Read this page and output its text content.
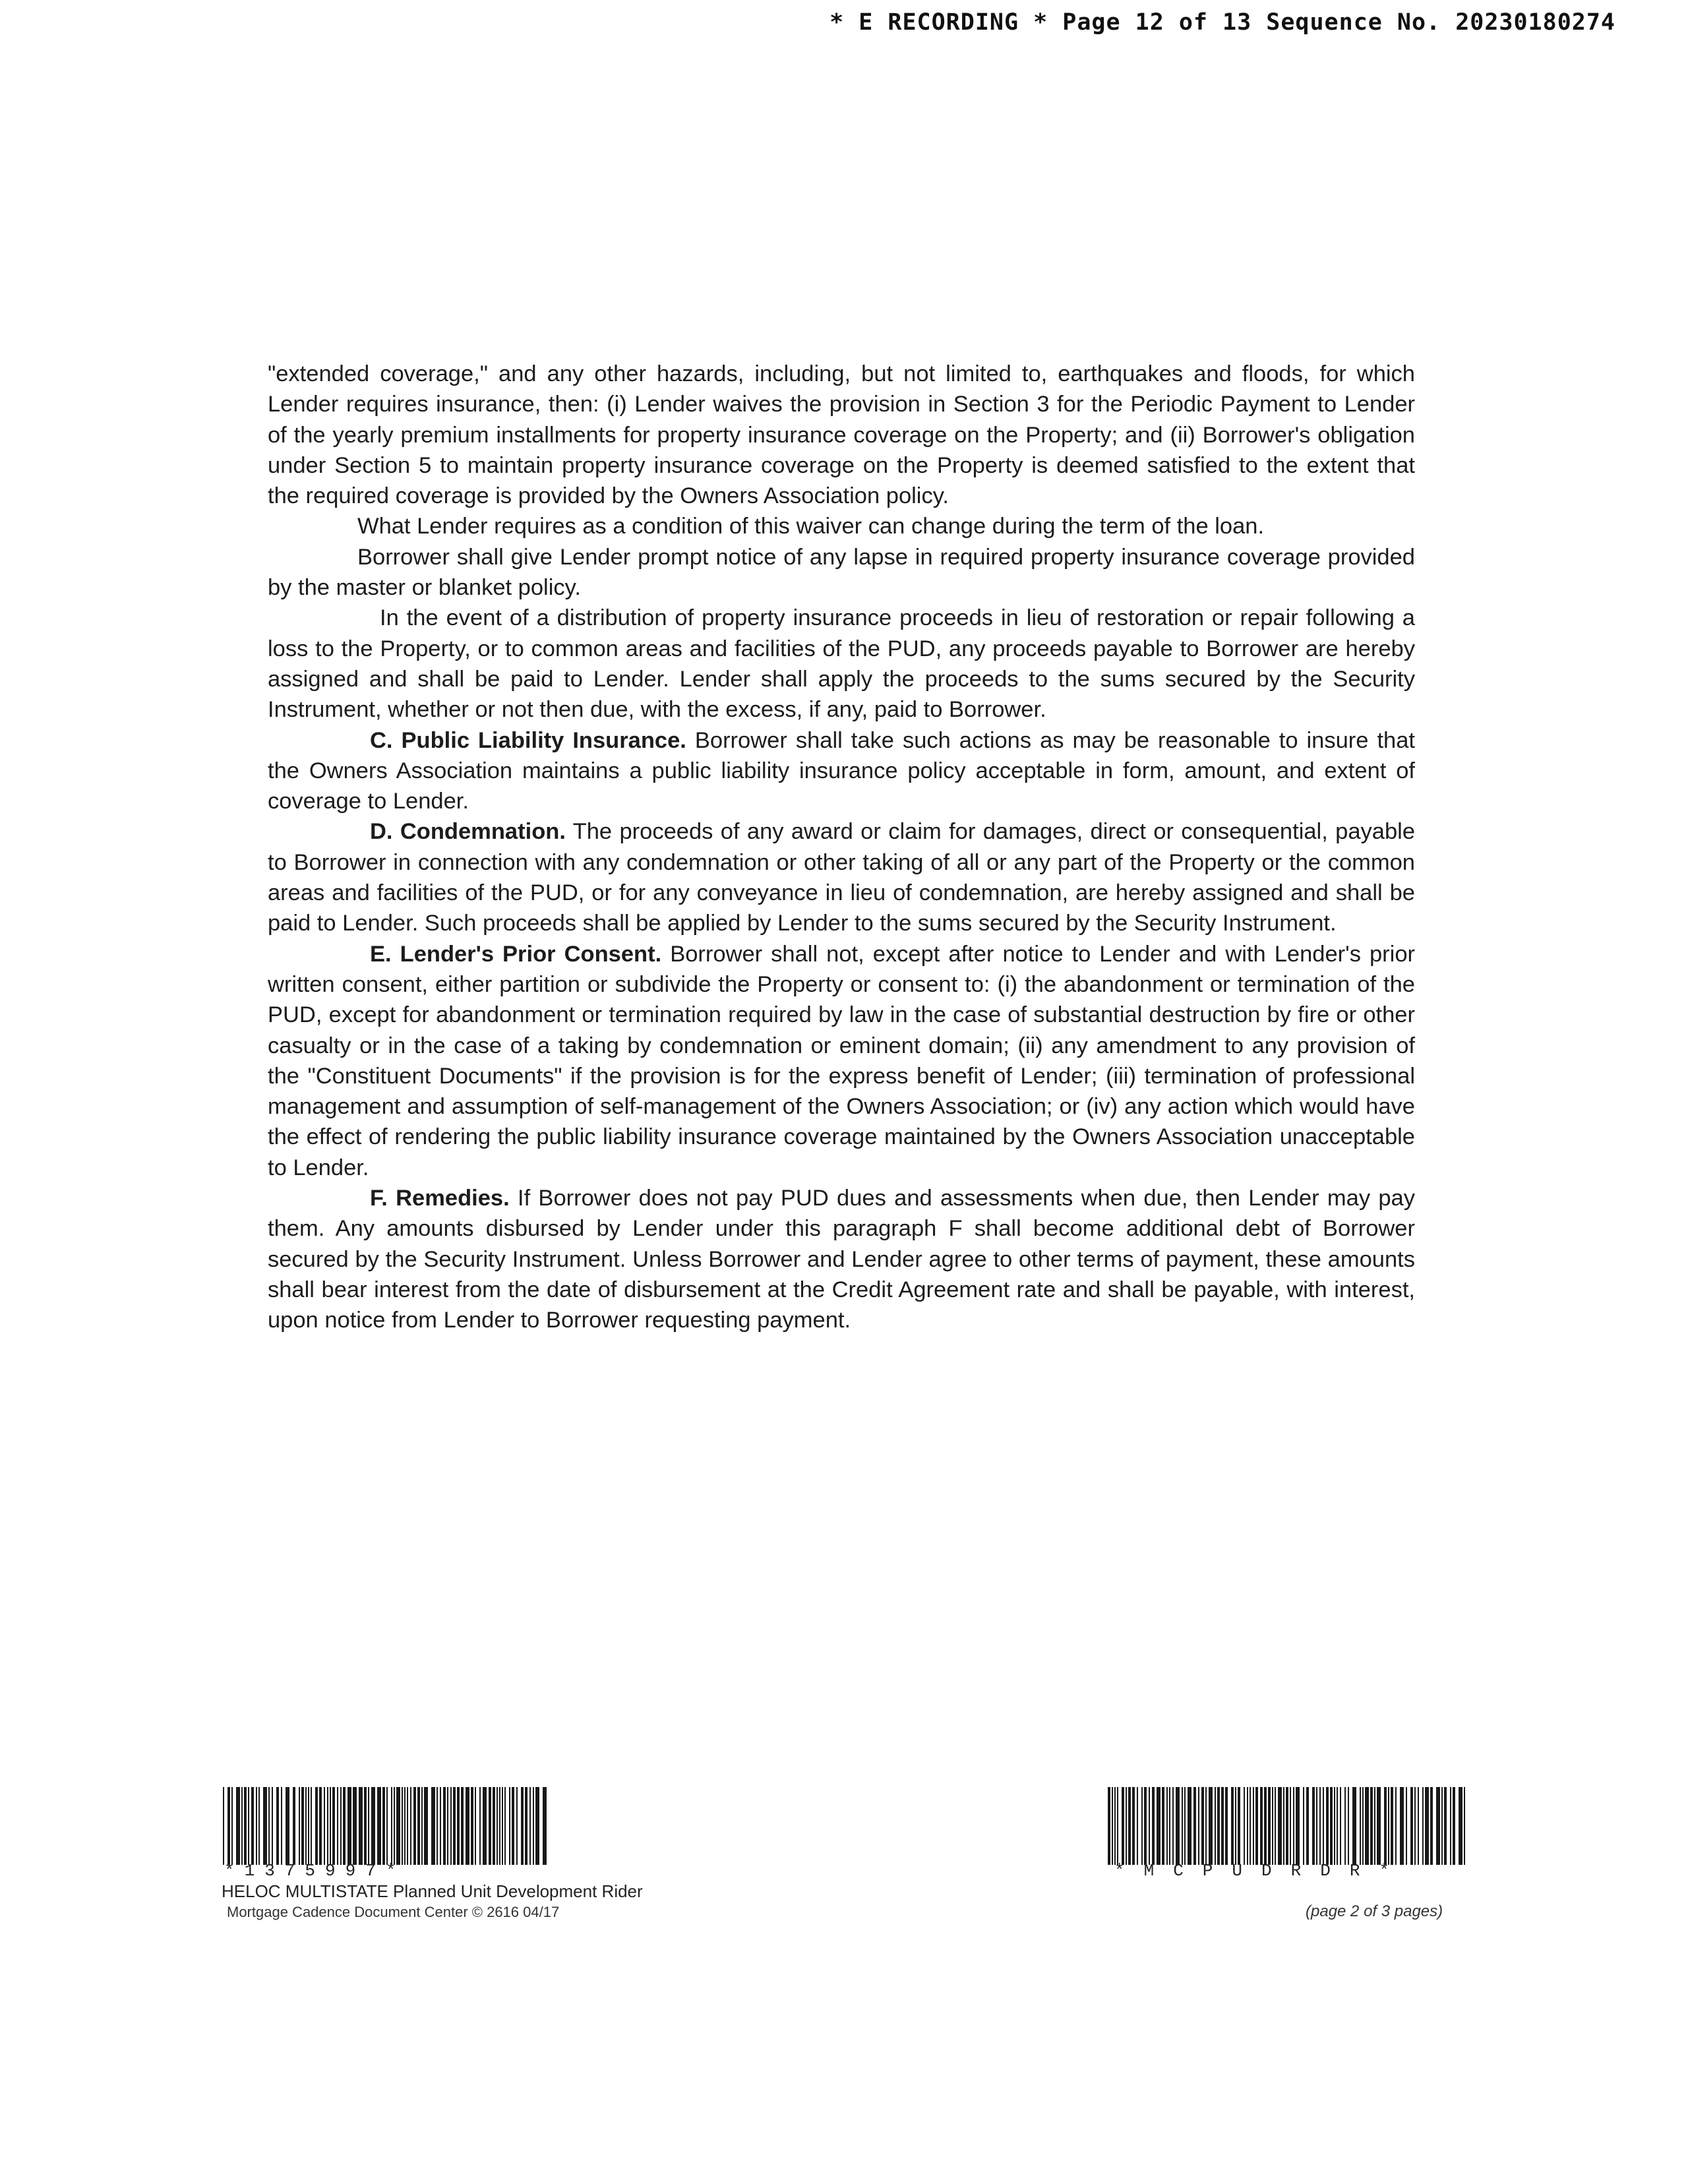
* E RECORDING * Page 12 of 13 Sequence No. 20230180274

"extended coverage," and any other hazards, including, but not limited to, earthquakes and floods, for which Lender requires insurance, then: (i) Lender waives the provision in Section 3 for the Periodic Payment to Lender of the yearly premium installments for property insurance coverage on the Property; and (ii) Borrower's obligation under Section 5 to maintain property insurance coverage on the Property is deemed satisfied to the extent that the required coverage is provided by the Owners Association policy.

What Lender requires as a condition of this waiver can change during the term of the loan.

Borrower shall give Lender prompt notice of any lapse in required property insurance coverage provided by the master or blanket policy.

In the event of a distribution of property insurance proceeds in lieu of restoration or repair following a loss to the Property, or to common areas and facilities of the PUD, any proceeds payable to Borrower are hereby assigned and shall be paid to Lender. Lender shall apply the proceeds to the sums secured by the Security Instrument, whether or not then due, with the excess, if any, paid to Borrower.

C. Public Liability Insurance. Borrower shall take such actions as may be reasonable to insure that the Owners Association maintains a public liability insurance policy acceptable in form, amount, and extent of coverage to Lender.

D. Condemnation. The proceeds of any award or claim for damages, direct or consequential, payable to Borrower in connection with any condemnation or other taking of all or any part of the Property or the common areas and facilities of the PUD, or for any conveyance in lieu of condemnation, are hereby assigned and shall be paid to Lender. Such proceeds shall be applied by Lender to the sums secured by the Security Instrument.

E. Lender's Prior Consent. Borrower shall not, except after notice to Lender and with Lender's prior written consent, either partition or subdivide the Property or consent to: (i) the abandonment or termination of the PUD, except for abandonment or termination required by law in the case of substantial destruction by fire or other casualty or in the case of a taking by condemnation or eminent domain; (ii) any amendment to any provision of the "Constituent Documents" if the provision is for the express benefit of Lender; (iii) termination of professional management and assumption of self-management of the Owners Association; or (iv) any action which would have the effect of rendering the public liability insurance coverage maintained by the Owners Association unacceptable to Lender.

F. Remedies. If Borrower does not pay PUD dues and assessments when due, then Lender may pay them. Any amounts disbursed by Lender under this paragraph F shall become additional debt of Borrower secured by the Security Instrument. Unless Borrower and Lender agree to other terms of payment, these amounts shall bear interest from the date of disbursement at the Credit Agreement rate and shall be payable, with interest, upon notice from Lender to Borrower requesting payment.

*1375997*	*MCPUDRDR*
HELOC MULTISTATE Planned Unit Development Rider
Mortgage Cadence Document Center © 2616 04/17	(page 2 of 3 pages)
